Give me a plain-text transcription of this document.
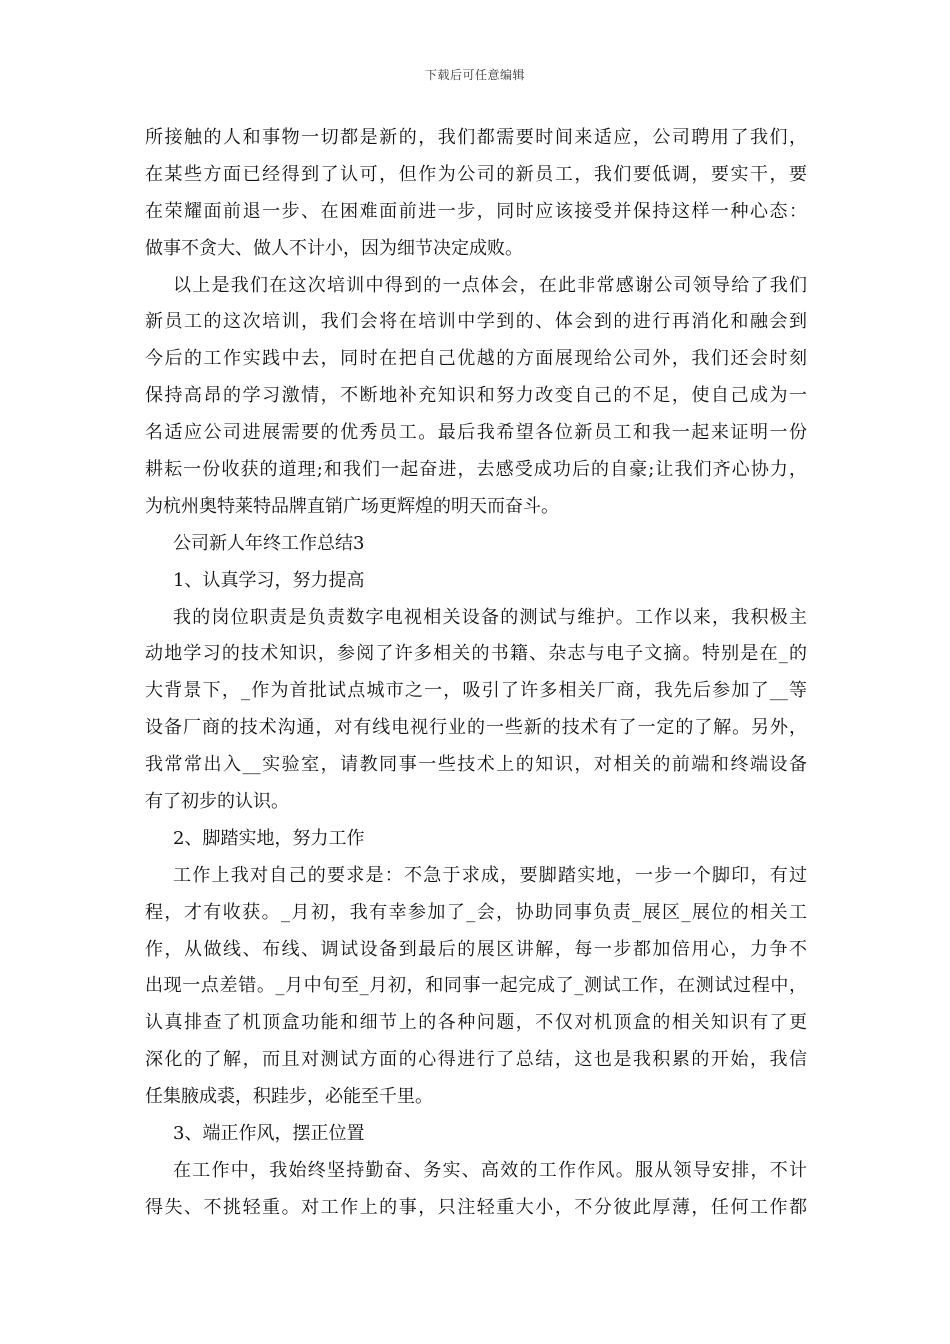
下载后可任意编辑
所接触的人和事物一切都是新的，我们都需要时间来适应，公司聘用了我们，
在某些方面已经得到了认可，但作为公司的新员工，我们要低调，要实干，要
在荣耀面前退一步、在困难面前进一步，同时应该接受并保持这样一种心态：
做事不贪大、做人不计小，因为细节决定成败。
以上是我们在这次培训中得到的一点体会，在此非常感谢公司领导给了我们
新员工的这次培训，我们会将在培训中学到的、体会到的进行再消化和融会到
今后的工作实践中去，同时在把自己优越的方面展现给公司外，我们还会时刻
保持高昂的学习激情，不断地补充知识和努力改变自己的不足，使自己成为一
名适应公司进展需要的优秀员工。最后我希望各位新员工和我一起来证明一份
耕耘一份收获的道理;和我们一起奋进，去感受成功后的自豪;让我们齐心协力，
为杭州奥特莱特品牌直销广场更辉煌的明天而奋斗。
公司新人年终工作总结3
1、认真学习，努力提高
我的岗位职责是负责数字电视相关设备的测试与维护。工作以来，我积极主
动地学习的技术知识，参阅了许多相关的书籍、杂志与电子文摘。特别是在_的
大背景下，_作为首批试点城市之一，吸引了许多相关厂商，我先后参加了__等
设备厂商的技术沟通，对有线电视行业的一些新的技术有了一定的了解。另外，
我常常出入__实验室，请教同事一些技术上的知识，对相关的前端和终端设备
有了初步的认识。
2、脚踏实地，努力工作
工作上我对自己的要求是：不急于求成，要脚踏实地，一步一个脚印，有过
程，才有收获。_月初，我有幸参加了_会，协助同事负责_展区_展位的相关工
作，从做线、布线、调试设备到最后的展区讲解，每一步都加倍用心，力争不
出现一点差错。_月中旬至_月初，和同事一起完成了_测试工作，在测试过程中，
认真排查了机顶盒功能和细节上的各种问题，不仅对机顶盒的相关知识有了更
深化的了解，而且对测试方面的心得进行了总结，这也是我积累的开始，我信
任集腋成裘，积跬步，必能至千里。
3、端正作风，摆正位置
在工作中，我始终坚持勤奋、务实、高效的工作作风。服从领导安排，不计
得失、不挑轻重。对工作上的事，只注轻重大小，不分彼此厚薄，任何工作都
